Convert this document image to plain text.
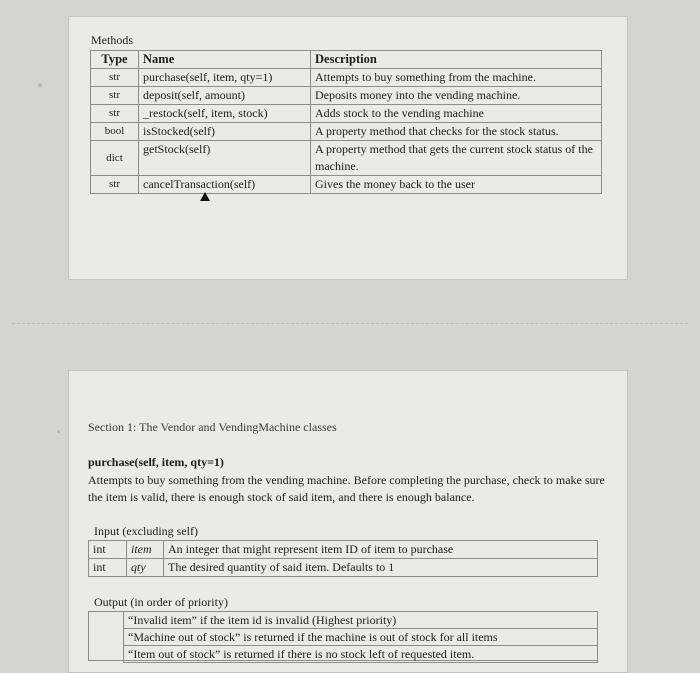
Methods
Type	Name	Description
str	purchase(self, item, qty=1)	Attempts to buy something from the machine.
str	deposit(self, amount)	Deposits money into the vending machine.
str	_restock(self, item, stock)	Adds stock to the vending machine
bool	isStocked(self)	A property method that checks for the stock status.
dict	getStock(self)	A property method that gets the current stock status of the machine.
str	cancelTransaction(self)	Gives the money back to the user
Section 1: The Vendor and VendingMachine classes
purchase(self, item, qty=1)
Attempts to buy something from the vending machine. Before completing the purchase, check to make sure the item is valid, there is enough stock of said item, and there is enough balance.
Input (excluding self)
int	item	An integer that might represent item ID of item to purchase
int	qty	The desired quantity of said item. Defaults to 1
Output (in order of priority)
“Invalid item” if the item id is invalid (Highest priority)
“Machine out of stock” is returned if the machine is out of stock for all items
“Item out of stock” is returned if there is no stock left of requested item.
